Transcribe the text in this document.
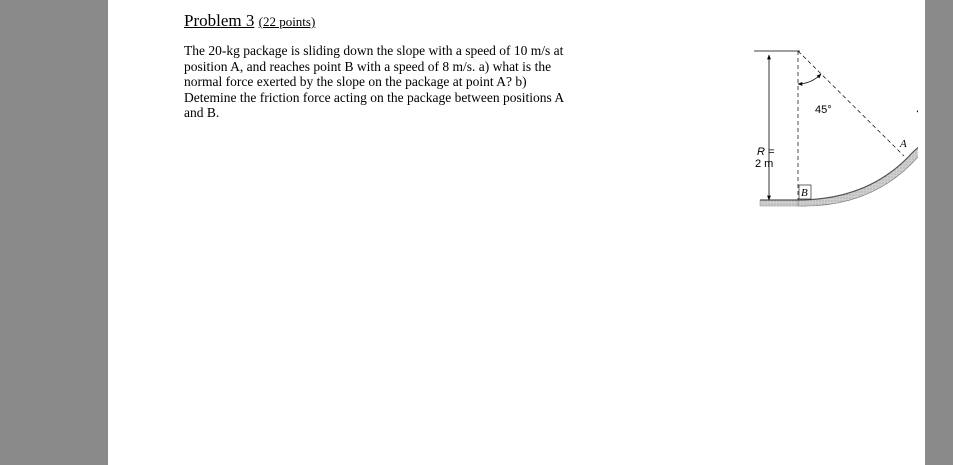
Problem 3 (22 points)

The 20-kg package is sliding down the slope with a speed of 10 m/s at
position A, and reaches point B with a speed of 8 m/s. a) what is the
normal force exerted by the slope on the package at point A? b)
Detemine the friction force acting on the package between positions A
and B.

R =
2 m
45°
A
B
